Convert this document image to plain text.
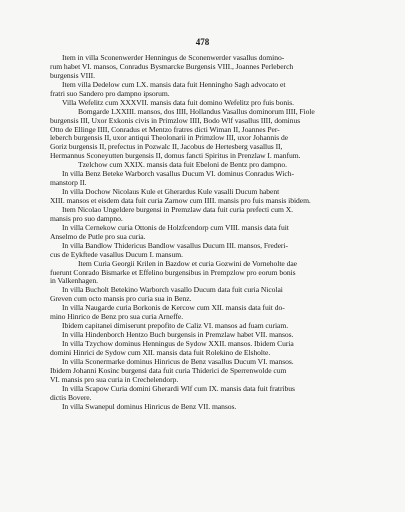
478
Item in villa Sconenwerder Henningus de Sconenwerder vasallus domino-
rum habet VI. mansos, Conradus Bysmarcke Burgensis VIII., Joannes Perleberch
burgensis VIII.
Item villa Dedelow cum LX. mansis data fuit Henningho Sagh advocato et
fratri suo Sandero pro dampno ipsorum.
Villa Wefelitz cum XXXVII. mansis data fuit domino Wefelitz pro fuis bonis.
Bomgarde LXXIII. mansos, dos IIII, Hollandus Vasallus dominorum IIII, Fiole
burgensis III, Uxor Exkonis civis in Primzlow IIII, Bodo Wlf vasallus IIII, dominus
Otto de Ellinge IIII, Conradus et Mentzo fratres dicti Wiman II, Joannes Per-
leberch burgensis II, uxor antiqui Theolonarii in Primzlow III, uxor Johannis de
Goriz burgensis II, prefectus in Pozwalc II, Jacobus de Hertesberg vasallus II,
Hermannus Sconeyutten burgensis II, domus fancti Spiritus in Prenzlaw I. manfum.
Tzelchow cum XXIX. mansis data fuit Ebeloni de Bentz pro dampno.
In villa Benz Beteke Warborch vasallus Ducum VI. dominus Conradus Wich-
manstorp II.
In villa Dochow Nicolaus Kule et Gherardus Kule vasalli Ducum habent
XIII. mansos et eisdem data fuit curia Zarnow cum IIII. mansis pro fuis mansis ibidem.
Item Nicolao Ungeldere burgensi in Premzlaw data fuit curia prefecti cum X.
mansis pro suo dampno.
In villa Cernekow curia Ottonis de Holzfcendorp cum VIII. mansis data fuit
Anselmo de Putle pro sua curia.
In villa Bandlow Thidericus Bandlow vasallus Ducum III. mansos, Frederi-
cus de Eykftede vasallus Ducum I. mansum.
Item Curia Georgii Krilen in Bazdow et curia Gozwini de Vorneholte dae
fuerunt Conrado Bismarke et Effelino burgensibus in Prempzlow pro eorum bonis
in Valkenhagen.
In villa Bucholt Betekino Warborch vasallo Ducum data fuit curia Nicolai
Greven cum octo mansis pro curia sua in Benz.
In villa Naugarde curia Borkonis de Kercow cum XII. mansis data fuit do-
mino Hinrico de Benz pro sua curia Arneffe.
Ibidem capitanei dimiserunt prepofito de Caliz VI. mansos ad fuam curiam.
In villa Hindenborch Hentzo Buch burgensis in Premzlaw habet VII. mansos.
In villa Tzychow dominus Henningus de Sydow XXII. mansos. Ibidem Curia
domini Hinrici de Sydow cum XII. mansis data fuit Rolekino de Elsholte.
In villa Sconermarke dominus Hinricus de Benz vasallus Ducum VI. mansos.
Ibidem Johanni Kosinc burgensi data fuit curia Thiderici de Sperrenwolde cum
VI. mansis pro sua curia in Crechelendorp.
In villa Scapow Curia domini Gherardi Wlf cum IX. mansis data fuit fratribus
dictis Bovere.
In villa Swanepul dominus Hinricus de Benz VII. mansos.
